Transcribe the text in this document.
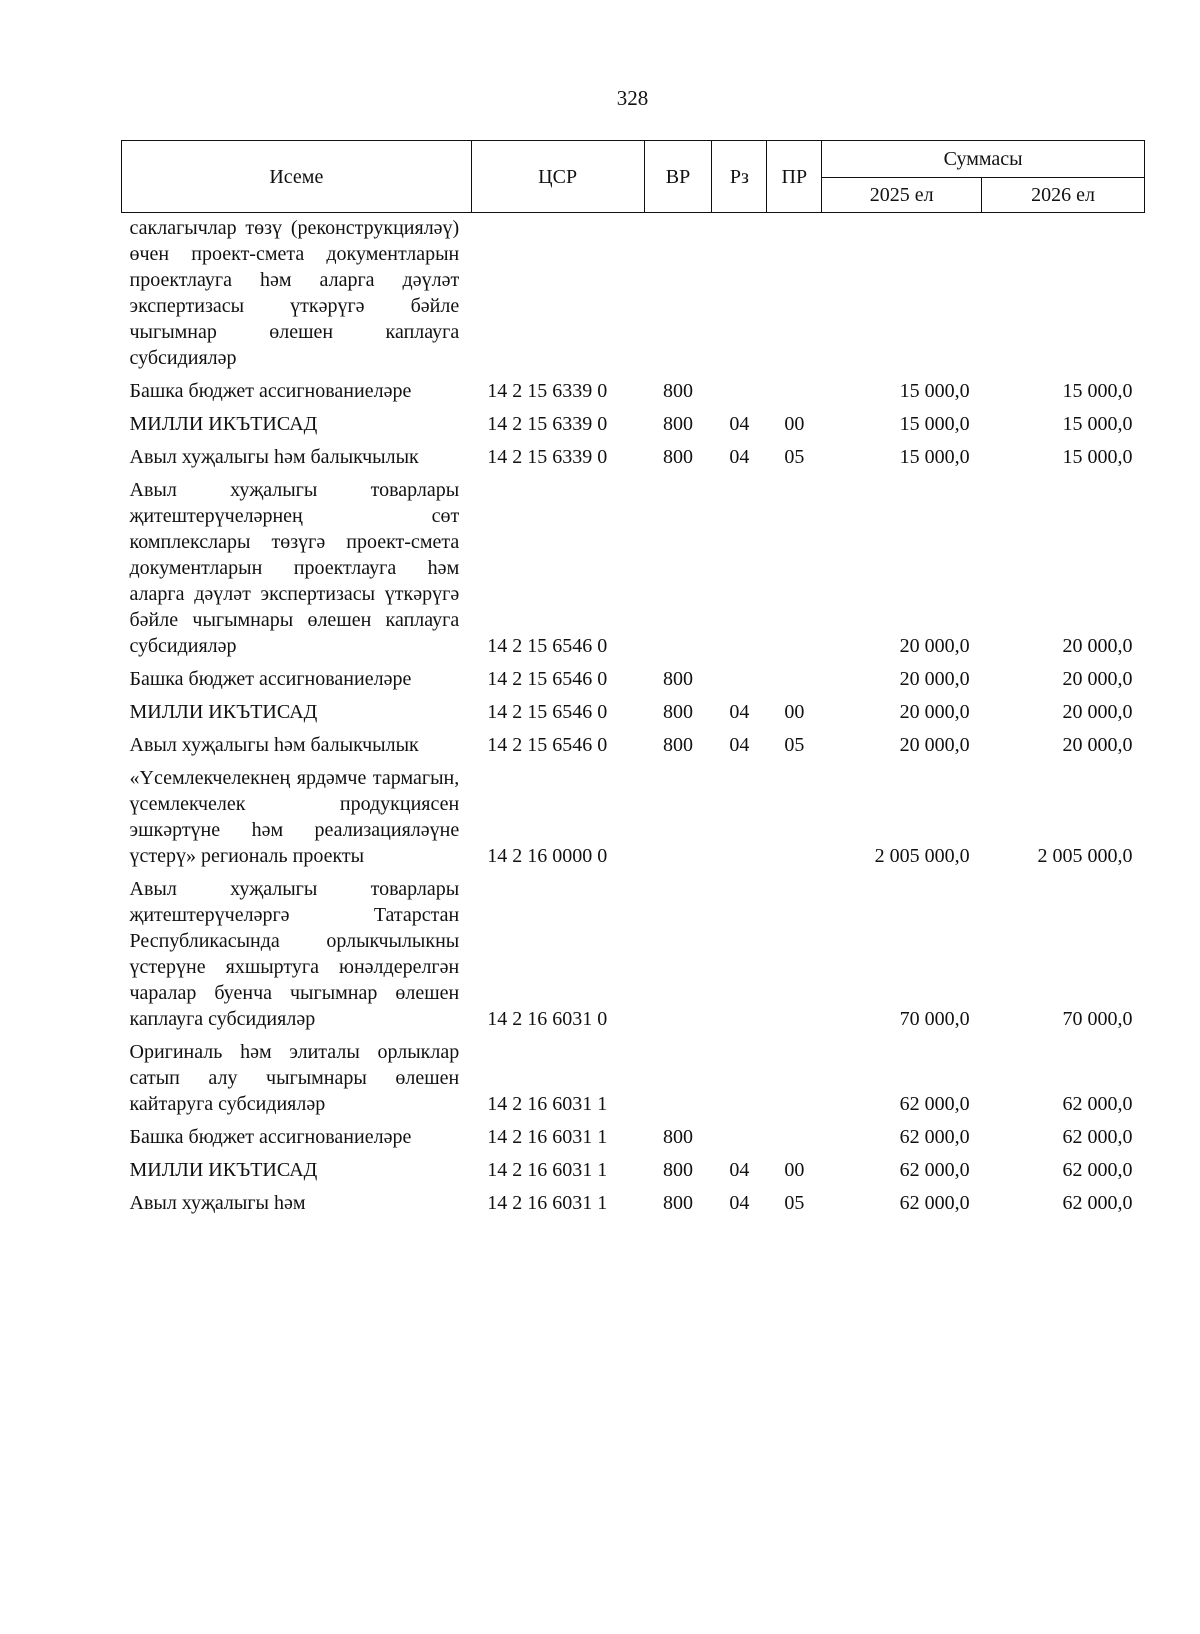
328
Исеме	ЦСР	ВР	Рз	ПР	Суммасы	
					2025 ел	2026 ел
саклагычлар төзү (реконструкцияләү) өчен проект-смета документларын проектлауга һәм аларга дәүләт экспертизасы үткәрүгә бәйле чыгымнар өлешен каплауга субсидияләр						
Башка бюджет ассигнованиеләре	14 2 15 6339 0	800			15 000,0	15 000,0
МИЛЛИ ИКЪТИСАД	14 2 15 6339 0	800	04	00	15 000,0	15 000,0
Авыл хуҗалыгы һәм балыкчылык	14 2 15 6339 0	800	04	05	15 000,0	15 000,0
Авыл хуҗалыгы товарлары җитештерүчеләрнең сөт комплекслары төзүгә проект-смета документларын проектлауга һәм аларга дәүләт экспертизасы үткәрүгә бәйле чыгымнары өлешен каплауга субсидияләр	14 2 15 6546 0				20 000,0	20 000,0
Башка бюджет ассигнованиеләре	14 2 15 6546 0	800			20 000,0	20 000,0
МИЛЛИ ИКЪТИСАД	14 2 15 6546 0	800	04	00	20 000,0	20 000,0
Авыл хуҗалыгы һәм балыкчылык	14 2 15 6546 0	800	04	05	20 000,0	20 000,0
«Үсемлекчелекнең ярдәмче тармагын, үсемлекчелек продукциясен эшкәртүне һәм реализацияләүне үстерү» региональ проекты	14 2 16 0000 0				2 005 000,0	2 005 000,0
Авыл хуҗалыгы товарлары җитештерүчеләргә Татарстан Республикасында орлыкчылыкны үстерүне яхшыртуга юнәлдерелгән чаралар буенча чыгымнар өлешен каплауга субсидияләр	14 2 16 6031 0				70 000,0	70 000,0
Оригиналь һәм элиталы орлыклар сатып алу чыгымнары өлешен кайтаруга субсидияләр	14 2 16 6031 1				62 000,0	62 000,0
Башка бюджет ассигнованиеләре	14 2 16 6031 1	800			62 000,0	62 000,0
МИЛЛИ ИКЪТИСАД	14 2 16 6031 1	800	04	00	62 000,0	62 000,0
Авыл хуҗалыгы һәм	14 2 16 6031 1	800	04	05	62 000,0	62 000,0
